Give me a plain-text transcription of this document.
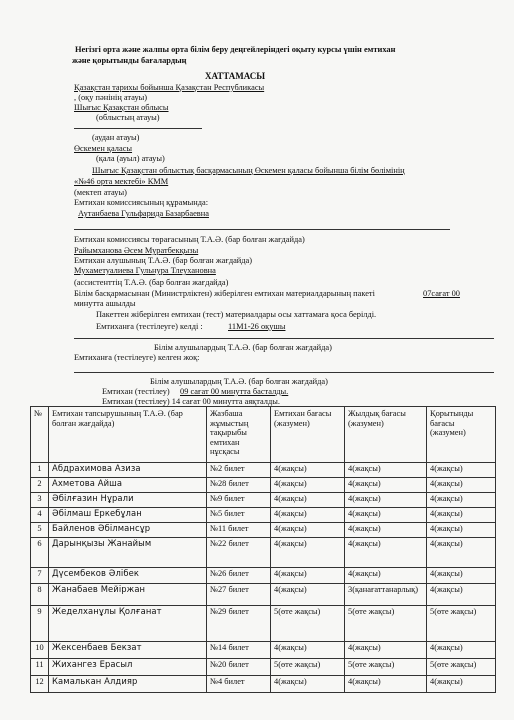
Негізгі орта және жалпы орта білім беру деңгейлеріндегі оқыту курсы үшін емтихан
және қорытынды бағалардың
ХАТТАМАСЫ
Қазақстан тарихы бойынша Қазақстан Республикасы
, (оқу пәнінің атауы)
Шығыс Қазақстан облысы
(облыстың атауы)
(аудан атауы)
Өскемен қаласы
(қала (ауыл) атауы)
Шығыс Қазақстан облыстық басқармасының Өскемен қаласы бойынша білім бөлімінің
«№46 орта мектебі» КММ
(мектеп атауы)
Емтихан комиссиясының құрамында:
Аутанбаева Гульфарида Базарбаевна
Емтихан комиссиясы төрағасының Т.А.Ә. (бар болған жағдайда)
Райымханова Әсем Муратбекқызы
Емтихан алушының Т.А.Ә. (бар болған жағдайда)
Мухаметуалиева Гульнура Тлеухановна
(ассистенттің Т.А.Ә. (бар болған жағдайда)
Білім басқармасынан (Министрліктен) жіберілген емтихан материалдарының пакеті	07сағат 00
минутта ашылды
Пакеттен жіберілген емтихан (тест) материалдары осы хаттамаға қоса берілді.
Емтиханға (тестілеуге) келді :	11М1-26 оқушы
Білім алушылардың Т.А.Ә. (бар болған жағдайда)
Емтиханға (тестілеуге) келген жоқ:
Білім алушылардың Т.А.Ә. (бар болған жағдайда)
Емтихан (тестілеу) 09 сағат 00 минутта басталды.
Емтихан (тестілеу) 14 сағат 00 минутта аяқталды.
№	Емтихан тапсырушының Т.А.Ә. (бар болған жағдайда)	Жазбаша жұмыстың тақырыбы емтихан нұсқасы	Емтихан бағасы (жазумен)	Жылдық бағасы (жазумен)	Қорытынды бағасы (жазумен)
1	Абдрахимова Азиза	№2 билет	4(жақсы)	4(жақсы)	4(жақсы)
2	Ахметова Айша	№28 билет	4(жақсы)	4(жақсы)	4(жақсы)
3	Әбілғазин Нұрали	№9 билет	4(жақсы)	4(жақсы)	4(жақсы)
4	Әбілмаш Еркебұлан	№5 билет	4(жақсы)	4(жақсы)	4(жақсы)
5	Байленов Әбілмансұр	№11 билет	4(жақсы)	4(жақсы)	4(жақсы)
6	Дарынқызы Жанайым	№22 билет	4(жақсы)	4(жақсы)	4(жақсы)
7	Дүсембеков Әлібек	№26 билет	4(жақсы)	4(жақсы)	4(жақсы)
8	Жанабаев Мейіржан	№27 билет	4(жақсы)	3(қанағаттанарлық)	4(жақсы)
9	Жеделханұлы Қолғанат	№29 билет	5(өте жақсы)	5(өте жақсы)	5(өте жақсы)
10	Жексенбаев Бекзат	№14 билет	4(жақсы)	4(жақсы)	4(жақсы)
11	Жихангез Ерасыл	№20 билет	5(өте жақсы)	5(өте жақсы)	5(өте жақсы)
12	Камалькан Алдияр	№4 билет	4(жақсы)	4(жақсы)	4(жақсы)
